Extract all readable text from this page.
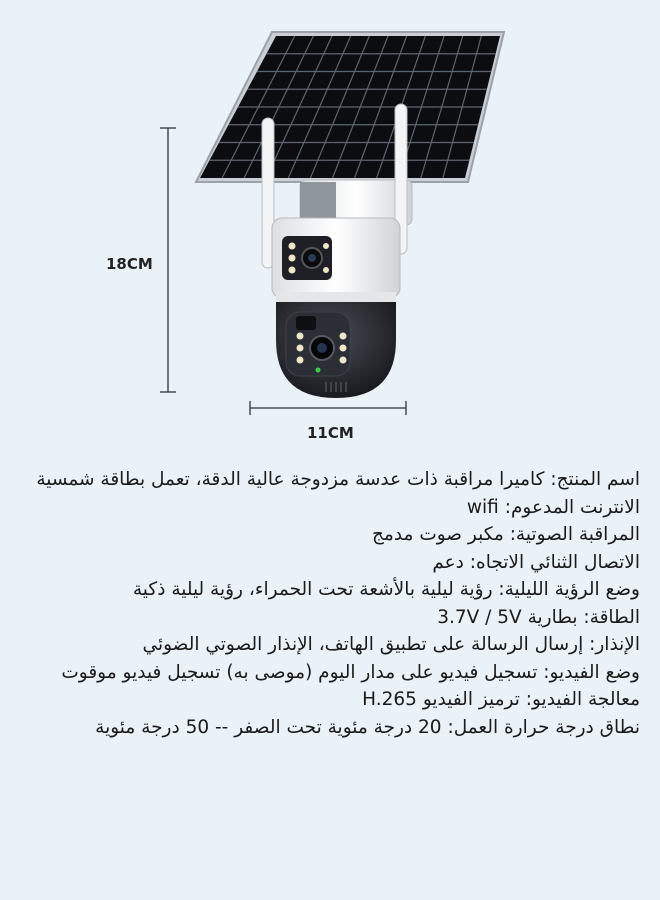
18CM
11CM
اسم المنتج: كاميرا مراقبة ذات عدسة مزدوجة عالية الدقة، تعمل بطاقة شمسية
الانترنت المدعوم: wifi
المراقبة الصوتية: مكبر صوت مدمج
الاتصال الثنائي الاتجاه: دعم
وضع الرؤية الليلية: رؤية ليلية بالأشعة تحت الحمراء، رؤية ليلية ذكية
الطاقة: بطارية 3.7V / 5V
الإنذار: إرسال الرسالة على تطبيق الهاتف، الإنذار الصوتي الضوئي
وضع الفيديو: تسجيل فيديو على مدار اليوم (موصى به) تسجيل فيديو موقوت
معالجة الفيديو: ترميز الفيديو H.265
نطاق درجة حرارة العمل: 20 درجة مئوية تحت الصفر -- 50 درجة مئوية
